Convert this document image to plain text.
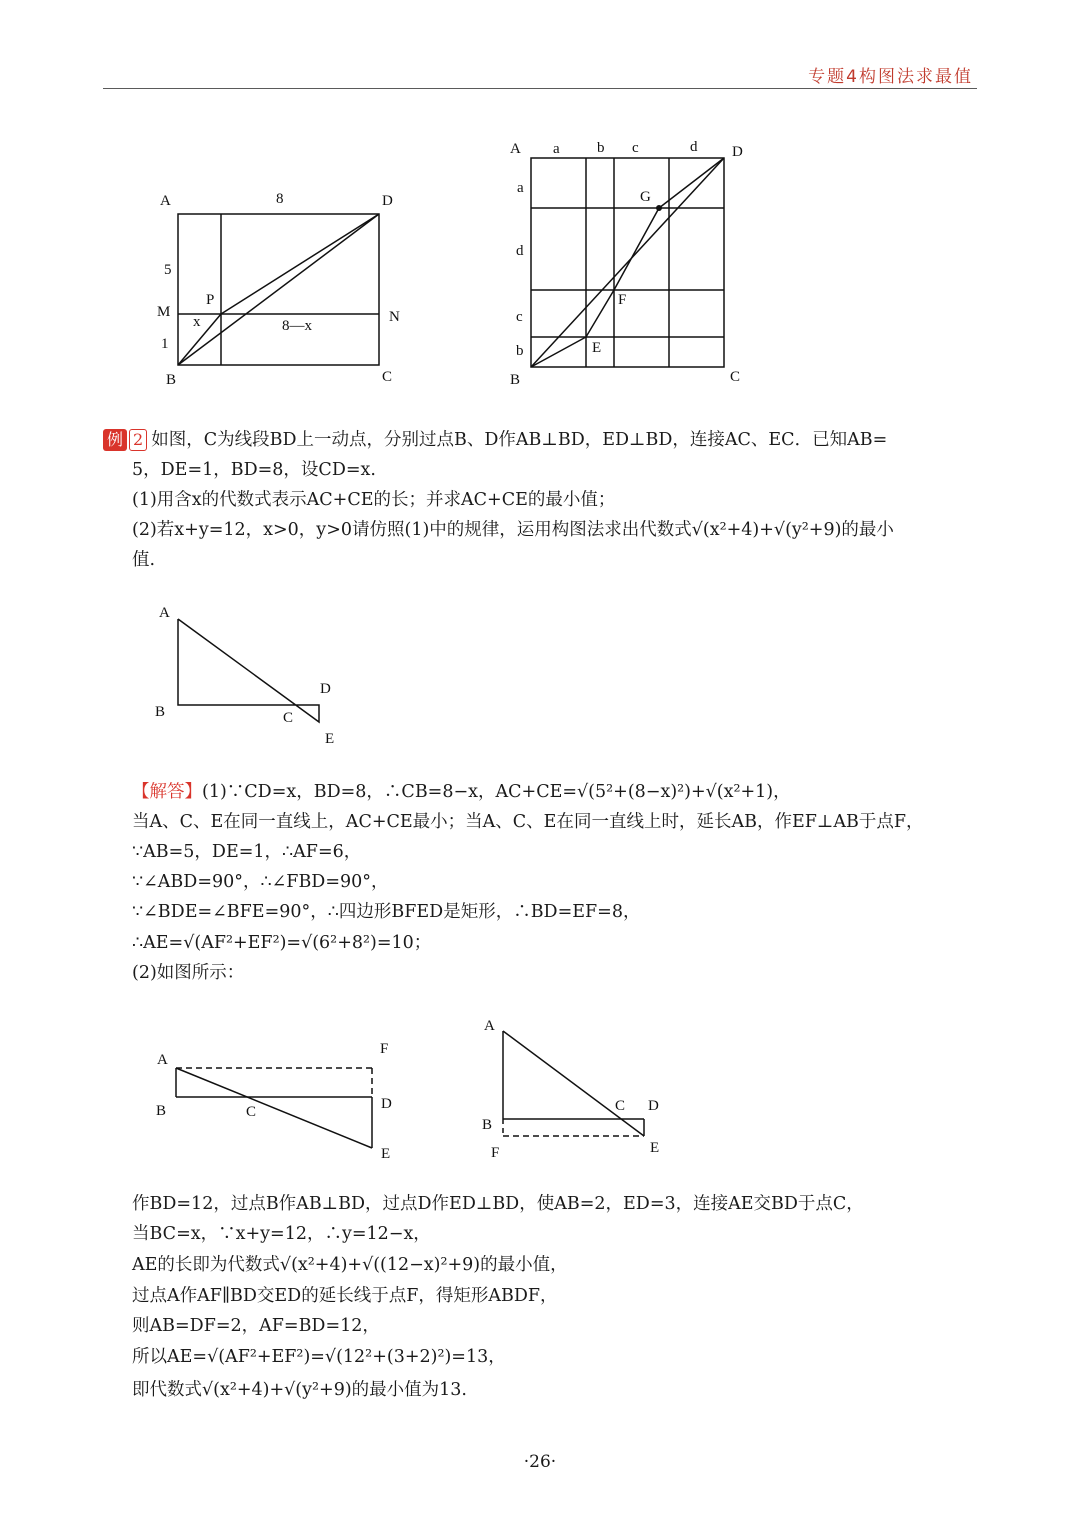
专题4构图法求最值
A	8	D
5
P
M
x	8—x
N
1
B	C
A a b c	d D
a
G
d
F
c
E
b
B	C
例 2 如图，C为线段BD上一动点，分别过点B、D作AB⊥BD，ED⊥BD，连接AC、EC．已知AB=
5，DE=1，BD=8，设CD=x.
(1)用含x的代数式表示AC+CE的长；并求AC+CE的最小值；
(2)若x+y=12，x>0，y>0请仿照(1)中的规律，运用构图法求出代数式√(x²+4)+√(y²+9)的最小
值.
A
D
B	C
E
【解答】(1)∵CD=x，BD=8，∴CB=8−x，AC+CE=√(5²+(8−x)²)+√(x²+1)，
当A、C、E在同一直线上，AC+CE最小；当A、C、E在同一直线上时，延长AB，作EF⊥AB于点F，
∵AB=5，DE=1，∴AF=6，
∵∠ABD=90°，∴∠FBD=90°，
∵∠BDE=∠BFE=90°，∴四边形BFED是矩形，∴BD=EF=8，
∴AE=√(AF²+EF²)=√(6²+8²)=10；
(2)如图所示：
A
F
B	C	D
E
A
C D
B
E
F
作BD=12，过点B作AB⊥BD，过点D作ED⊥BD，使AB=2，ED=3，连接AE交BD于点C，
当BC=x，∵x+y=12，∴y=12−x，
AE的长即为代数式√(x²+4)+√((12−x)²+9)的最小值，
过点A作AF∥BD交ED的延长线于点F，得矩形ABDF，
则AB=DF=2，AF=BD=12，
所以AE=√(AF²+EF²)=√(12²+(3+2)²)=13，
即代数式√(x²+4)+√(y²+9)的最小值为13.
·26·
